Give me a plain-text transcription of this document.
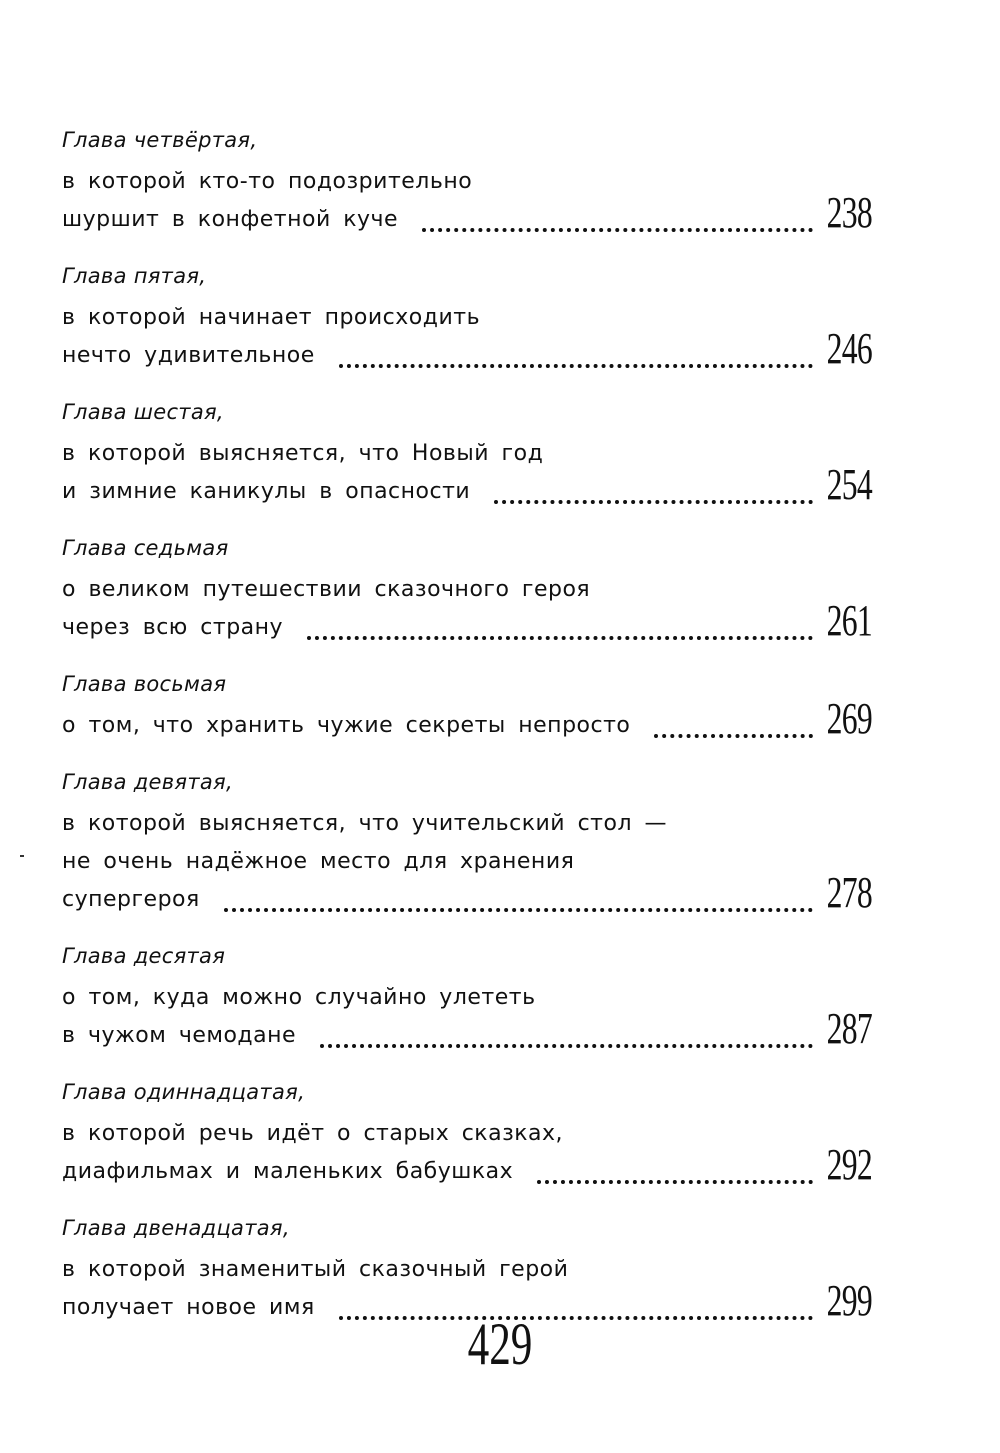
Глава четвёртая,
в которой кто-то подозрительно
шуршит в конфетной куче	238
Глава пятая,
в которой начинает происходить
нечто удивительное	246
Глава шестая,
в которой выясняется, что Новый год
и зимние каникулы в опасности	254
Глава седьмая
о великом путешествии сказочного героя
через всю страну	261
Глава восьмая
о том, что хранить чужие секреты непросто	269
Глава девятая,
в которой выясняется, что учительский стол —
не очень надёжное место для хранения
супергероя	278
Глава десятая
о том, куда можно случайно улететь
в чужом чемодане	287
Глава одиннадцатая,
в которой речь идёт о старых сказках,
диафильмах и маленьких бабушках	292
Глава двенадцатая,
в которой знаменитый сказочный герой
получает новое имя	299
429
